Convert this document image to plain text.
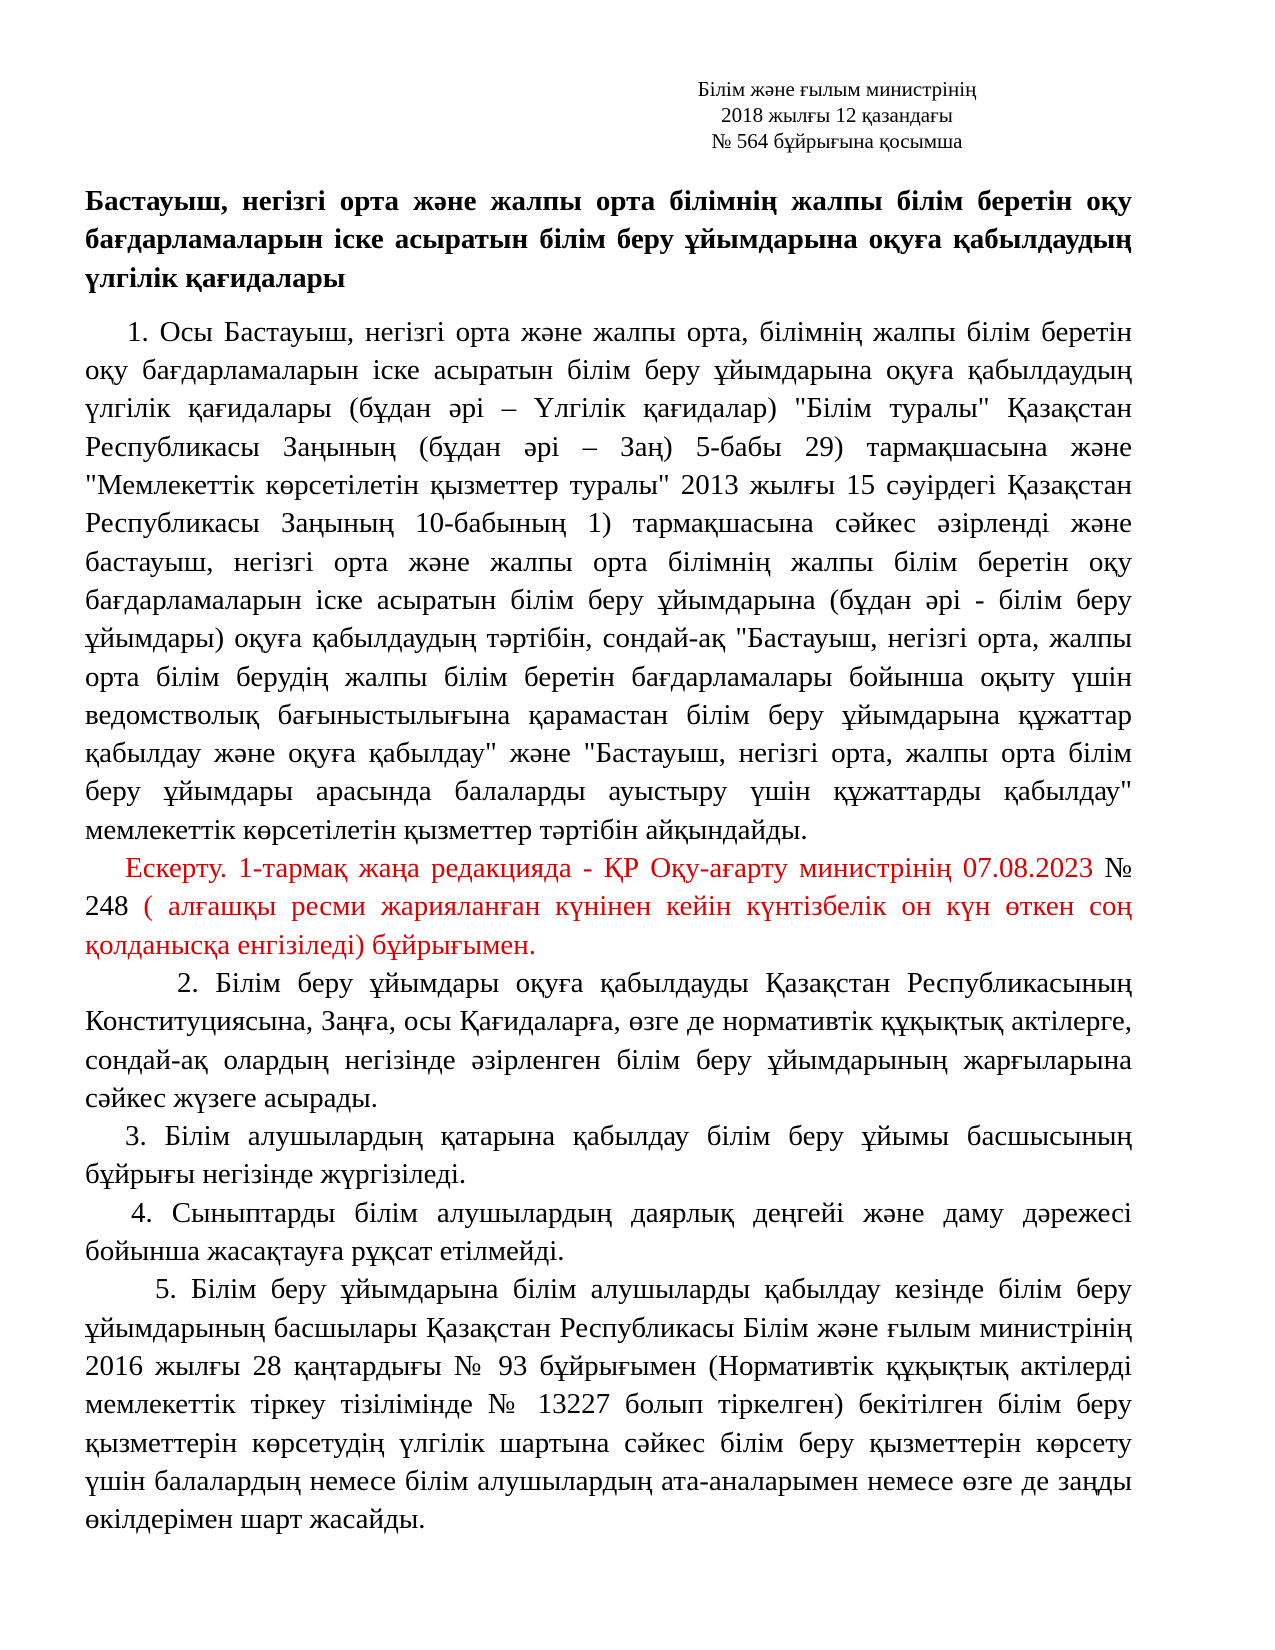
Білім және ғылым министрінің
2018 жылғы 12 қазандағы
№ 564 бұйрығына қосымша
Бастауыш, негізгі орта және жалпы орта білімнің жалпы білім беретін оқу бағдарламаларын іске асыратын білім беру ұйымдарына оқуға қабылдаудың үлгілік қағидалары

1. Осы Бастауыш, негізгі орта және жалпы орта, білімнің жалпы білім беретін оқу бағдарламаларын іске асыратын білім беру ұйымдарына оқуға қабылдаудың үлгілік қағидалары (бұдан әрі – Үлгілік қағидалар) "Білім туралы" Қазақстан Республикасы Заңының (бұдан әрі – Заң) 5-бабы 29) тармақшасына және "Мемлекеттік көрсетілетін қызметтер туралы" 2013 жылғы 15 сәуірдегі Қазақстан Республикасы Заңының 10-бабының 1) тармақшасына сәйкес әзірленді және бастауыш, негізгі орта және жалпы орта білімнің жалпы білім беретін оқу бағдарламаларын іске асыратын білім беру ұйымдарына (бұдан әрі - білім беру ұйымдары) оқуға қабылдаудың тәртібін, сондай-ақ "Бастауыш, негізгі орта, жалпы орта білім берудің жалпы білім беретін бағдарламалары бойынша оқыту үшін ведомстволық бағыныстылығына қарамастан білім беру ұйымдарына құжаттар қабылдау және оқуға қабылдау" және "Бастауыш, негізгі орта, жалпы орта білім беру ұйымдары арасында балаларды ауыстыру үшін құжаттарды қабылдау" мемлекеттік көрсетілетін қызметтер тәртібін айқындайды.

Ескерту. 1-тармақ жаңа редакцияда - ҚР Оқу-ағарту министрінің 07.08.2023 № 248 ( алғашқы ресми жарияланған күнінен кейін күнтізбелік он күн өткен соң қолданысқа енгізіледі) бұйрығымен.

2. Білім беру ұйымдары оқуға қабылдауды Қазақстан Республикасының Конституциясына, Заңға, осы Қағидаларға, өзге де нормативтік құқықтық актілерге, сондай-ақ олардың негізінде әзірленген білім беру ұйымдарының жарғыларына сәйкес жүзеге асырады.

3. Білім алушылардың қатарына қабылдау білім беру ұйымы басшысының бұйрығы негізінде жүргізіледі.

4. Сыныптарды білім алушылардың даярлық деңгейі және даму дәрежесі бойынша жасақтауға рұқсат етілмейді.

5. Білім беру ұйымдарына білім алушыларды қабылдау кезінде білім беру ұйымдарының басшылары Қазақстан Республикасы Білім және ғылым министрінің 2016 жылғы 28 қаңтардығы № 93 бұйрығымен (Нормативтік құқықтық актілерді мемлекеттік тіркеу тізілімінде № 13227 болып тіркелген) бекітілген білім беру қызметтерін көрсетудің үлгілік шартына сәйкес білім беру қызметтерін көрсету үшін балалардың немесе білім алушылардың ата-аналарымен немесе өзге де заңды өкілдерімен шарт жасайды.
